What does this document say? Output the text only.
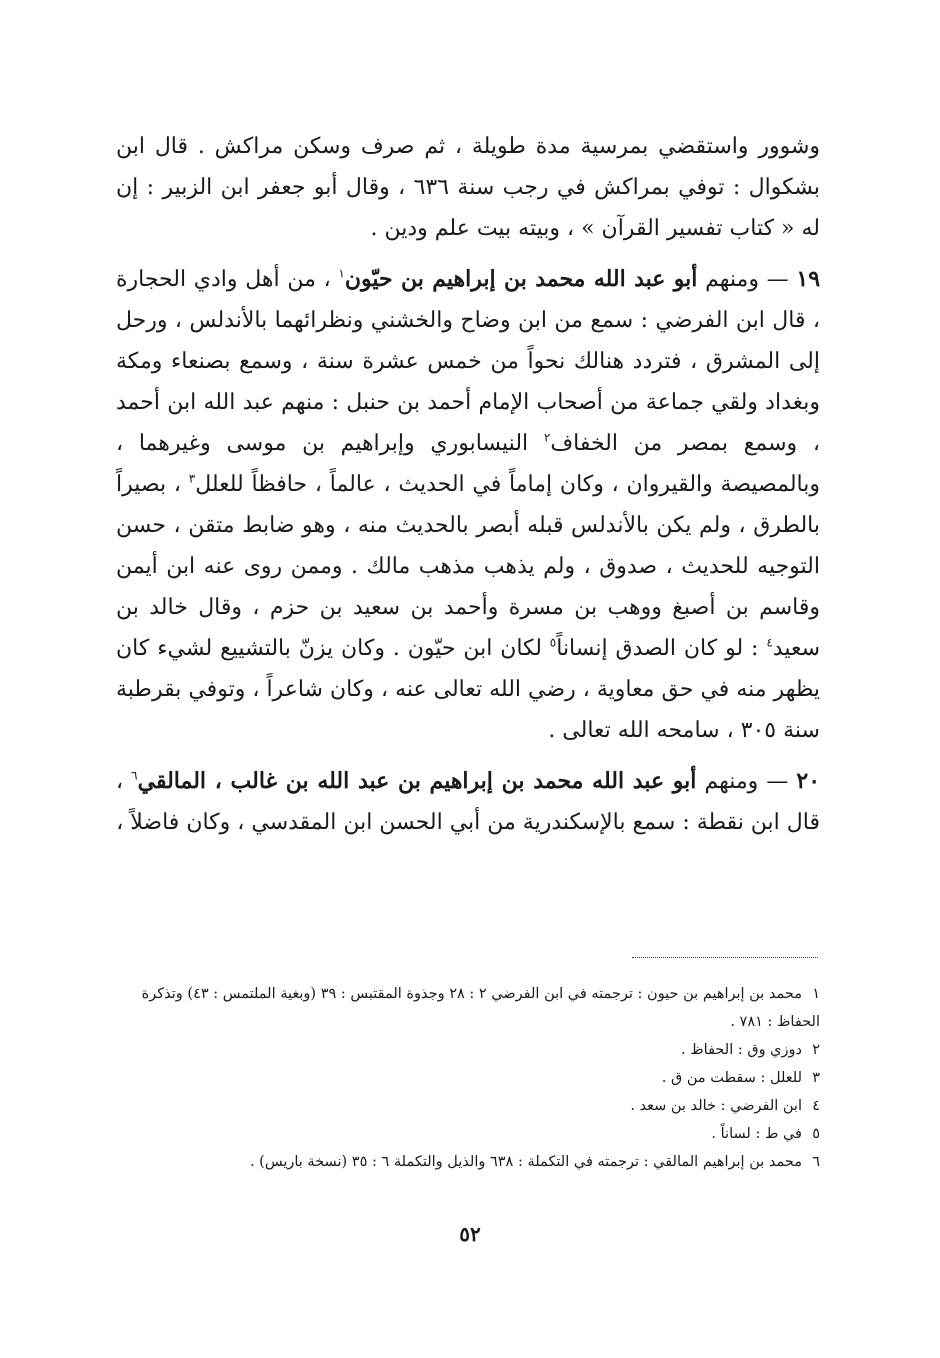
وشوور واستقضي بمرسية مدة طويلة ، ثم صرف وسكن مراكش . قال ابن بشكوال : توفي بمراكش في رجب سنة ٦٣٦ ، وقال أبو جعفر ابن الزبير : إن له « كتاب تفسير القرآن » ، وبيته بيت علم ودين .

١٩ — ومنهم أبو عبد الله محمد بن إبراهيم بن حيّون$^١$ ، من أهل وادي الحجارة ، قال ابن الفرضي : سمع من ابن وضاح والخشني ونظرائهما بالأندلس ، ورحل إلى المشرق ، فتردد هنالك نحواً من خمس عشرة سنة ، وسمع بصنعاء ومكة وبغداد ولقي جماعة من أصحاب الإمام أحمد بن حنبل : منهم عبد الله ابن أحمد ، وسمع بمصر من الخفاف$^٢$ النيسابوري وإبراهيم بن موسى وغيرهما ، وبالمصيصة والقيروان ، وكان إماماً في الحديث ، عالماً ، حافظاً للعلل$^٣$ ، بصيراً بالطرق ، ولم يكن بالأندلس قبله أبصر بالحديث منه ، وهو ضابط متقن ، حسن التوجيه للحديث ، صدوق ، ولم يذهب مذهب مالك . وممن روى عنه ابن أيمن وقاسم بن أصبغ ووهب بن مسرة وأحمد بن سعيد بن حزم ، وقال خالد بن سعيد$^٤$ : لو كان الصدق إنساناً$^٥$ لكان ابن حيّون . وكان يزنّ بالتشييع لشيء كان يظهر منه في حق معاوية ، رضي الله تعالى عنه ، وكان شاعراً ، وتوفي بقرطبة سنة ٣٠٥ ، سامحه الله تعالى .

٢٠ — ومنهم أبو عبد الله محمد بن إبراهيم بن عبد الله بن غالب ، المالقي$^٦$ ، قال ابن نقطة : سمع بالإسكندرية من أبي الحسن ابن المقدسي ، وكان فاضلاً ،

١محمد بن إبراهيم بن حيون : ترجمته في ابن الفرضي ٢ : ٢٨ وجذوة المقتبس : ٣٩ (وبغية الملتمس : ٤٣) وتذكرة الحفاظ : ٧٨١ .

٢دوزي وق : الحفاظ .

٣للعلل : سقطت من ق .

٤ابن الفرضي : خالد بن سعد .

٥في ط : لساناً .

٦محمد بن إبراهيم المالقي : ترجمته في التكملة : ٦٣٨ والذيل والتكملة ٦ : ٣٥ (نسخة باريس) .

٥٢
